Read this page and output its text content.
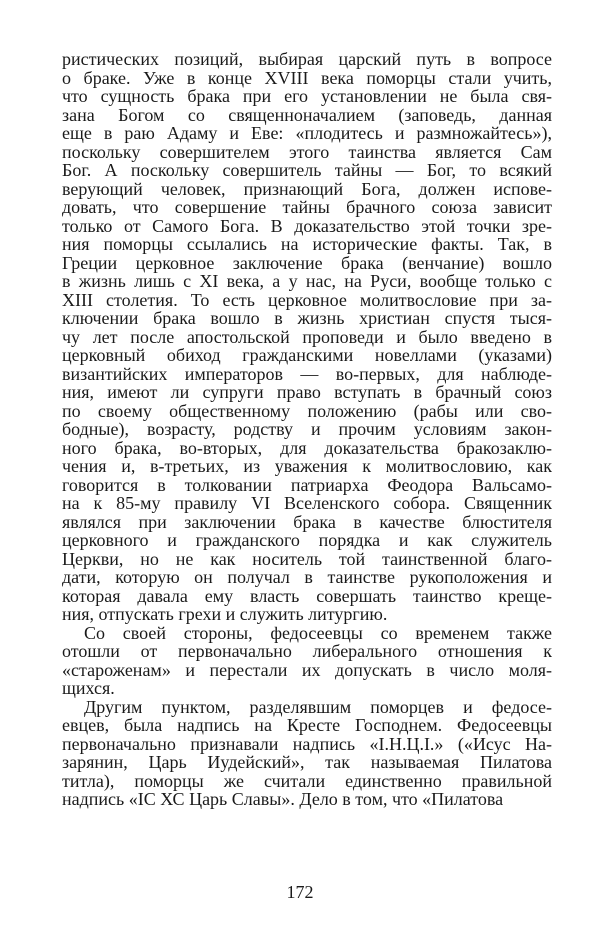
ристических позиций, выбирая царский путь в вопросе
о браке. Уже в конце XVIII века поморцы стали учить,
что сущность брака при его установлении не была свя-
зана Богом со священноначалием (заповедь, данная
еще в раю Адаму и Еве: «плодитесь и размножайтесь»),
поскольку совершителем этого таинства является Сам
Бог. А поскольку совершитель тайны — Бог, то всякий
верующий человек, признающий Бога, должен испове-
довать, что совершение тайны брачного союза зависит
только от Самого Бога. В доказательство этой точки зре-
ния поморцы ссылались на исторические факты. Так, в
Греции церковное заключение брака (венчание) вошло
в жизнь лишь с XI века, а у нас, на Руси, вообще только с
XIII столетия. То есть церковное молитвословие при за-
ключении брака вошло в жизнь христиан спустя тыся-
чу лет после апостольской проповеди и было введено в
церковный обиход гражданскими новеллами (указами)
византийских императоров — во-первых, для наблюде-
ния, имеют ли супруги право вступать в брачный союз
по своему общественному положению (рабы или сво-
бодные), возрасту, родству и прочим условиям закон-
ного брака, во-вторых, для доказательства бракозаклю-
чения и, в-третьих, из уважения к молитвословию, как
говорится в толковании патриарха Феодора Вальсамо-
на к 85-му правилу VI Вселенского собора. Священник
являлся при заключении брака в качестве блюстителя
церковного и гражданского порядка и как служитель
Церкви, но не как носитель той таинственной благо-
дати, которую он получал в таинстве рукоположения и
которая давала ему власть совершать таинство креще-
ния, отпускать грехи и служить литургию.
Со своей стороны, федосеевцы со временем также
отошли от первоначально либерального отношения к
«староженам» и перестали их допускать в число моля-
щихся.
Другим пунктом, разделявшим поморцев и федосе-
евцев, была надпись на Кресте Господнем. Федосеевцы
первоначально признавали надпись «I.Н.Ц.I.» («Исус На-
зарянин, Царь Иудейский», так называемая Пилатова
титла), поморцы же считали единственно правильной
надпись «IС ХС Царь Славы». Дело в том, что «Пилатова
172
